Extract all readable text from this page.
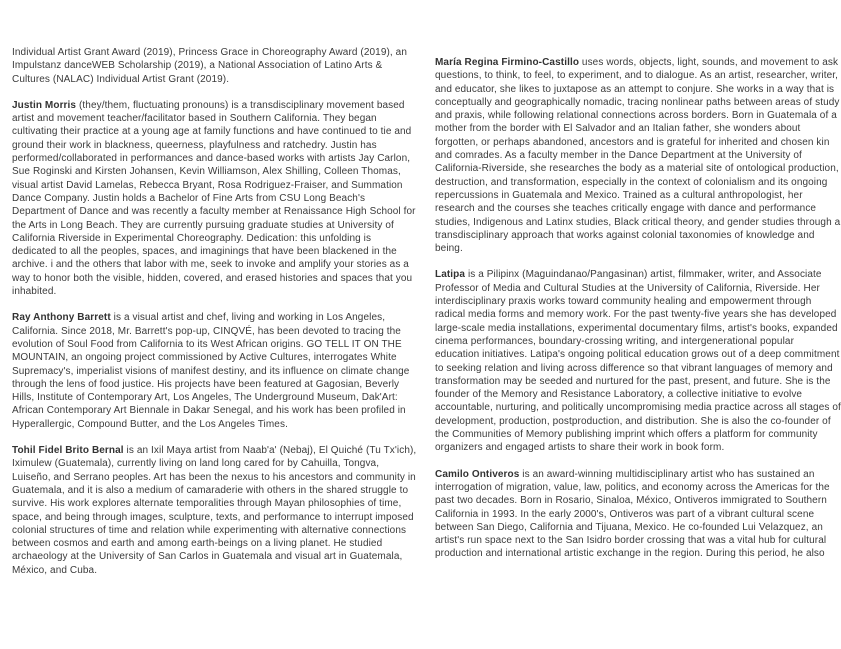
Individual Artist Grant Award (2019), Princess Grace in Choreography Award (2019), an Impulstanz danceWEB Scholarship (2019), a National Association of Latino Arts & Cultures (NALAC) Individual Artist Grant (2019).

Justin Morris (they/them, fluctuating pronouns) is a transdisciplinary movement based artist and movement teacher/facilitator based in Southern California. They began cultivating their practice at a young age at family functions and have continued to tie and ground their work in blackness, queerness, playfulness and ratchedry. Justin has performed/collaborated in performances and dance-based works with artists Jay Carlon, Sue Roginski and Kirsten Johansen, Kevin Williamson, Alex Shilling, Colleen Thomas, visual artist David Lamelas, Rebecca Bryant, Rosa Rodriguez-Fraiser, and Summation Dance Company. Justin holds a Bachelor of Fine Arts from CSU Long Beach's Department of Dance and was recently a faculty member at Renaissance High School for the Arts in Long Beach. They are currently pursuing graduate studies at University of California Riverside in Experimental Choreography. Dedication: this unfolding is dedicated to all the peoples, spaces, and imaginings that have been blackened in the archive. i and the others that labor with me, seek to invoke and amplify your stories as a way to honor both the visible, hidden, covered, and erased histories and spaces that you inhabited.

Ray Anthony Barrett is a visual artist and chef, living and working in Los Angeles, California. Since 2018, Mr. Barrett's pop-up, CINQVÉ, has been devoted to tracing the evolution of Soul Food from California to its West African origins. GO TELL IT ON THE MOUNTAIN, an ongoing project commissioned by Active Cultures, interrogates White Supremacy's, imperialist visions of manifest destiny, and its influence on climate change through the lens of food justice. His projects have been featured at Gagosian, Beverly Hills, Institute of Contemporary Art, Los Angeles, The Underground Museum, Dak'Art: African Contemporary Art Biennale in Dakar Senegal, and his work has been profiled in Hyperallergic, Compound Butter, and the Los Angeles Times.

Tohil Fidel Brito Bernal is an Ixil Maya artist from Naab'a' (Nebaj), El Quiché (Tu Tx'ich), Iximulew (Guatemala), currently living on land long cared for by Cahuilla, Tongva, Luiseño, and Serrano peoples. Art has been the nexus to his ancestors and community in Guatemala, and it is also a medium of camaraderie with others in the shared struggle to survive. His work explores alternate temporalities through Mayan philosophies of time, space, and being through images, sculpture, texts, and performance to interrupt imposed colonial structures of time and relation while experimenting with alternative connections between cosmos and earth and among earth-beings on a living planet. He studied archaeology at the University of San Carlos in Guatemala and visual art in Guatemala, México, and Cuba.

María Regina Firmino-Castillo uses words, objects, light, sounds, and movement to ask questions, to think, to feel, to experiment, and to dialogue. As an artist, researcher, writer, and educator, she likes to juxtapose as an attempt to conjure. She works in a way that is conceptually and geographically nomadic, tracing nonlinear paths between areas of study and praxis, while following relational connections across borders. Born in Guatemala of a mother from the border with El Salvador and an Italian father, she wonders about forgotten, or perhaps abandoned, ancestors and is grateful for inherited and chosen kin and comrades. As a faculty member in the Dance Department at the University of California-Riverside, she researches the body as a material site of ontological production, destruction, and transformation, especially in the context of colonialism and its ongoing repercussions in Guatemala and Mexico. Trained as a cultural anthropologist, her research and the courses she teaches critically engage with dance and performance studies, Indigenous and Latinx studies, Black critical theory, and gender studies through a transdisciplinary approach that works against colonial taxonomies of knowledge and being.

Latipa is a Pilipinx (Maguindanao/Pangasinan) artist, filmmaker, writer, and Associate Professor of Media and Cultural Studies at the University of California, Riverside. Her interdisciplinary praxis works toward community healing and empowerment through radical media forms and memory work. For the past twenty-five years she has developed large-scale media installations, experimental documentary films, artist's books, expanded cinema performances, boundary-crossing writing, and intergenerational popular education initiatives. Latipa's ongoing political education grows out of a deep commitment to seeking relation and living across difference so that vibrant languages of memory and transformation may be seeded and nurtured for the past, present, and future. She is the founder of the Memory and Resistance Laboratory, a collective initiative to evolve accountable, nurturing, and politically uncompromising media practice across all stages of development, production, postproduction, and distribution. She is also the co-founder of the Communities of Memory publishing imprint which offers a platform for community organizers and engaged artists to share their work in book form.

Camilo Ontiveros is an award-winning multidisciplinary artist who has sustained an interrogation of migration, value, law, politics, and economy across the Americas for the past two decades. Born in Rosario, Sinaloa, México, Ontiveros immigrated to Southern California in 1993. In the early 2000's, Ontiveros was part of a vibrant cultural scene between San Diego, California and Tijuana, Mexico. He co-founded Lui Velazquez, an artist's run space next to the San Isidro border crossing that was a vital hub for cultural production and international artistic exchange in the region. During this period, he also
